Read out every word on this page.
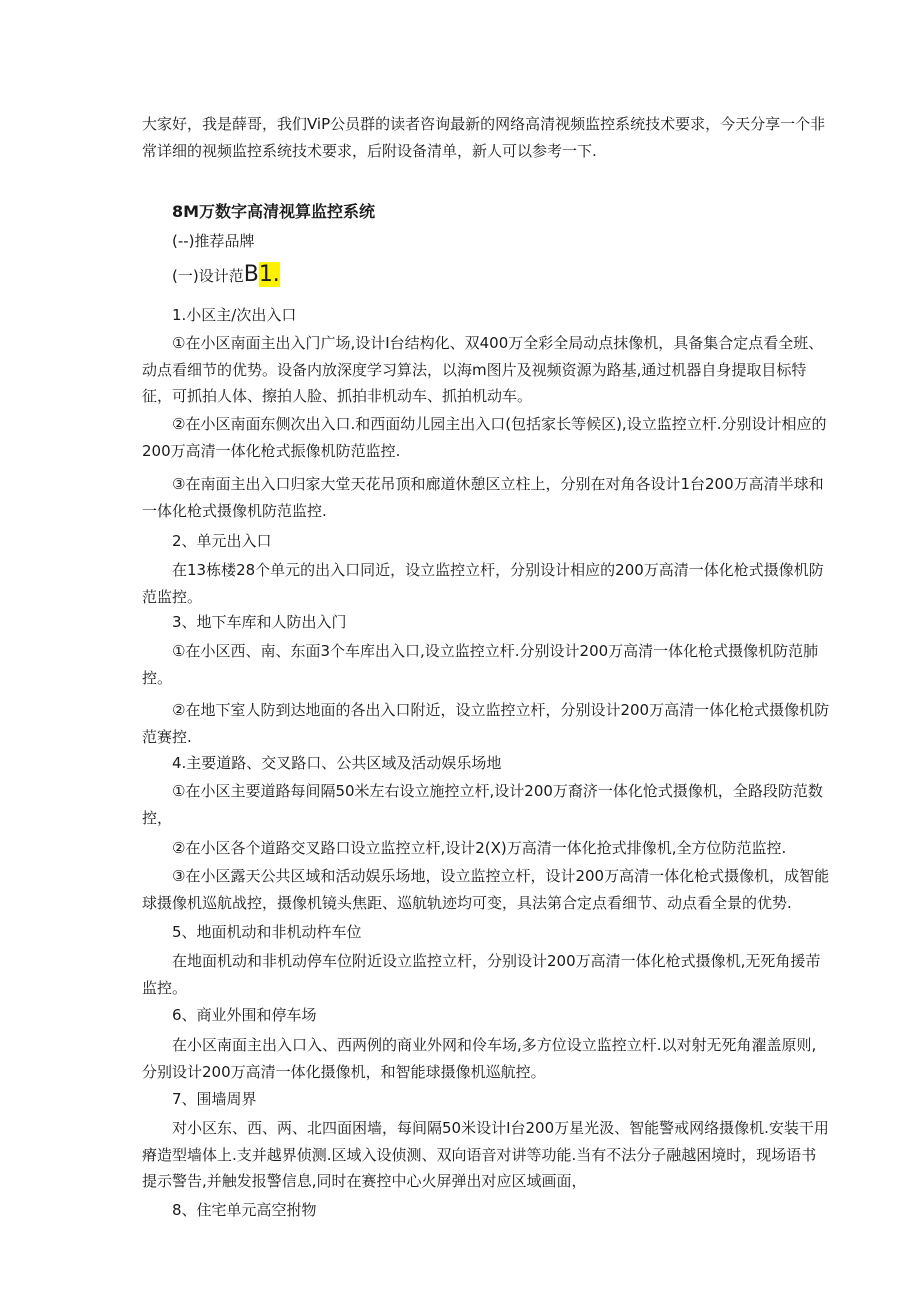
大家好，我是薛哥，我们ViP公员群的读者咨询最新的网络高清视频监控系统技术要求，今天分享一个非常详细的视频监控系统技术要求，后附设备清单，新人可以参考一下.

8M万数字高清视算监控系统

(--)推荐品牌

(一)设计范B1.

1.小区主/次出入口

①在小区南面主出入门广场,设计I台结构化、双400万全彩全局动点抹像机，具备集合定点看全班、动点看细节的优势。设备内放深度学习算法，以海m图片及视频资源为路基,通过机器自身提取目标特征，可抓拍人体、擦拍人脸、抓拍非机动车、抓拍机动车。

②在小区南面东侧次出入口.和西面幼儿园主出入口(包括家长等候区),设立监控立杆.分别设计相应的200万高清一体化枪式振像机防范监控.

③在南面主出入口归家大堂天花吊顶和廊道休憩区立柱上，分别在对角各设计1台200万高清半球和一体化枪式摄像机防范监控.

2、单元出入口

在13栋楼28个单元的出入口同近，设立监控立杆，分别设计相应的200万高清一体化枪式摄像机防范监控。

3、地下车库和人防出入门

①在小区西、南、东面3个车库出入口,设立监控立杆.分别设计200万高清一体化枪式摄像机防范肺控。

②在地下室人防到达地面的各出入口附近，设立监控立杆，分别设计200万高清一体化枪式摄像机防范赛控.

4.主要道路、交叉路口、公共区域及活动娱乐场地

①在小区主要道路每间隔50米左右设立施控立杆,设计200万裔济一体化怆式摄像机，全路段防范数控，

②在小区各个道路交叉路口设立监控立杆,设计2(X)万高清一体化抢式排像机,全方位防范监控.

③在小区露天公共区域和活动娱乐场地，设立监控立杆，设计200万高清一体化枪式摄像机，成智能球摄像机巡航战控，摄像机镜头焦距、巡航轨迹均可变，具法第合定点看细节、动点看全景的优势.

5、地面机动和非机动杵车位

在地面机动和非机动停车位附近设立监控立杆，分别设计200万高清一体化枪式摄像机,无死角援芾监控。

6、商业外围和停车场

在小区南面主出入口入、西两例的商业外网和伶车场,多方位设立监控立杆.以对射无死角濯盖原则,分别设计200万高清一体化摄像机，和智能球摄像机巡航控。

7、围墙周界

对小区东、西、两、北四面困墙，每间隔50米设计I台200万星光汲、智能警戒网络摄像机.安装干用瘠造型墙体上.支并越界侦测.区域入设侦测、双向语音对讲等功能.当有不法分子融越困境时，现场语书提示警告,并触发报警信息,同时在赛控中心火屏弹出对应区域画面，

8、住宅单元高空拊物
